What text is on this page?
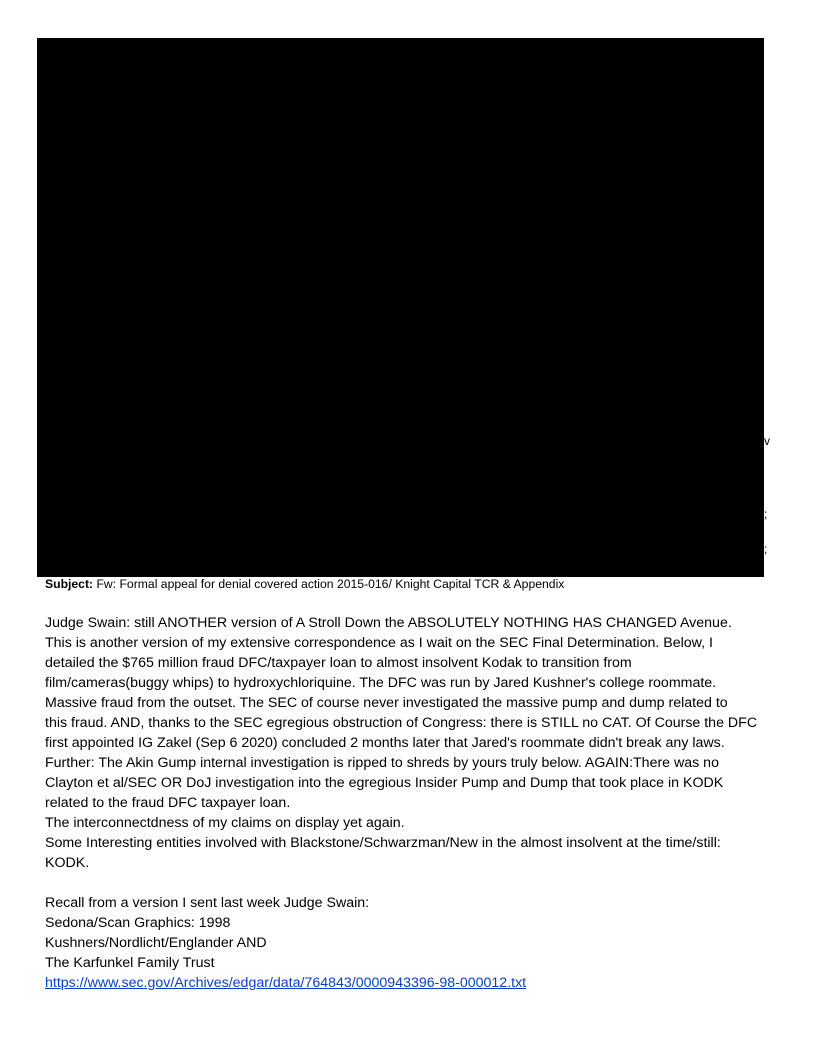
v
;
;
Subject: Fw: Formal appeal for denial covered action 2015-016/ Knight Capital TCR & Appendix
Judge Swain: still ANOTHER version of A Stroll Down the ABSOLUTELY NOTHING HAS CHANGED Avenue.
This is another version of my extensive correspondence as I wait on the SEC Final Determination. Below, I
detailed the $765 million fraud DFC/taxpayer loan to almost insolvent Kodak to transition from
film/cameras(buggy whips) to hydroxychloriquine. The DFC was run by Jared Kushner's college roommate.
Massive fraud from the outset. The SEC of course never investigated the massive pump and dump related to
this fraud. AND, thanks to the SEC egregious obstruction of Congress: there is STILL no CAT. Of Course the DFC
first appointed IG Zakel (Sep 6 2020) concluded 2 months later that Jared's roommate didn't break any laws.
Further: The Akin Gump internal investigation is ripped to shreds by yours truly below. AGAIN:There was no
Clayton et al/SEC OR DoJ investigation into the egregious Insider Pump and Dump that took place in KODK
related to the fraud DFC taxpayer loan.
The interconnectdness of my claims on display yet again.
Some Interesting entities involved with Blackstone/Schwarzman/New in the almost insolvent at the time/still:
KODK.
Recall from a version I sent last week Judge Swain:
Sedona/Scan Graphics: 1998
Kushners/Nordlicht/Englander AND
The Karfunkel Family Trust
https://www.sec.gov/Archives/edgar/data/764843/0000943396-98-000012.txt
